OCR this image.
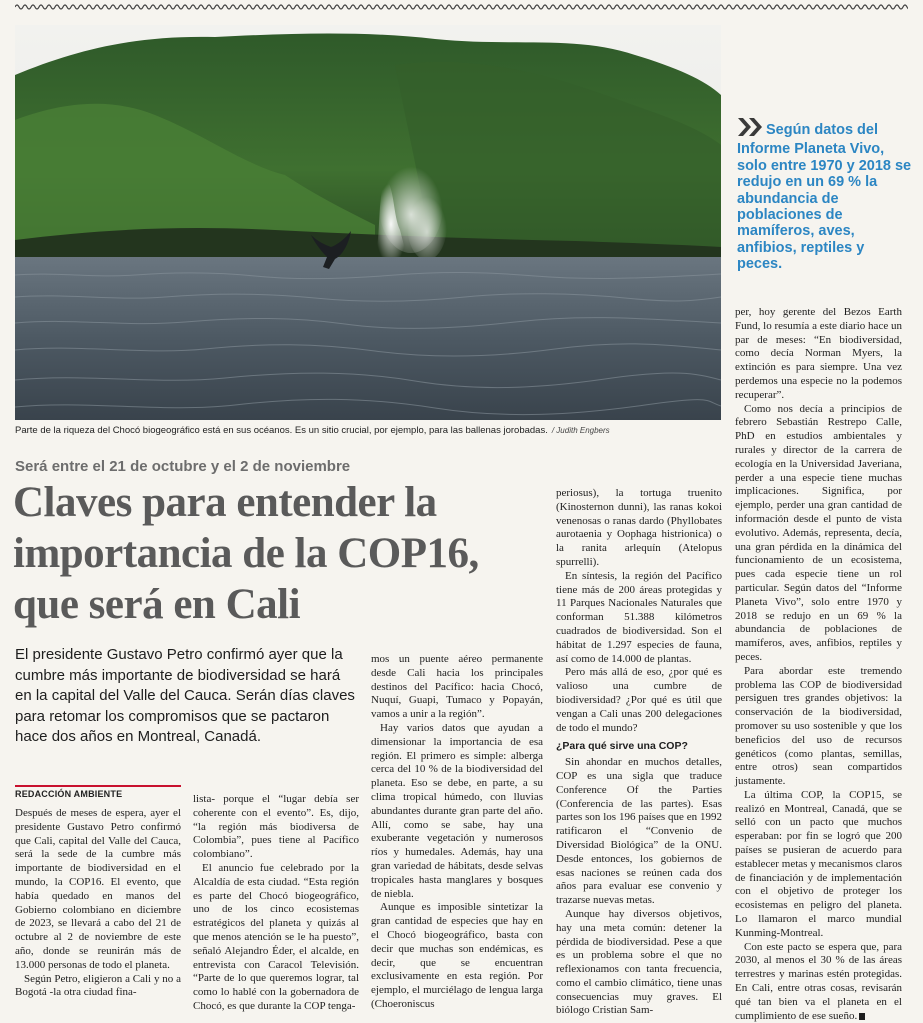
Parte de la riqueza del Chocó biogeográfico está en sus océanos. Es un sitio crucial, por ejemplo, para las ballenas jorobadas. / Judith Engbers
Según datos del Informe Planeta Vivo, solo entre 1970 y 2018 se redujo en un 69 % la abundancia de poblaciones de mamíferos, aves, anfibios, reptiles y peces.
Será entre el 21 de octubre y el 2 de noviembre
Claves para entender la importancia de la COP16, que será en Cali
El presidente Gustavo Petro confirmó ayer que la cumbre más importante de biodiversidad se hará en la capital del Valle del Cauca. Serán días claves para retomar los compromisos que se pactaron hace dos años en Montreal, Canadá.
REDACCIÓN AMBIENTE

Después de meses de espera, ayer el presidente Gustavo Petro confirmó que Cali, capital del Valle del Cauca, será la sede de la cumbre más importante de biodiversidad en el mundo, la COP16. El evento, que había quedado en manos del Gobierno colombiano en diciembre de 2023, se llevará a cabo del 21 de octubre al 2 de noviembre de este año, donde se reunirán más de 13.000 personas de todo el planeta.

Según Petro, eligieron a Cali y no a Bogotá -la otra ciudad fina-

lista- porque el “lugar debía ser coherente con el evento”. Es, dijo, “la región más biodiversa de Colombia”, pues tiene al Pacífico colombiano”.

El anuncio fue celebrado por la Alcaldía de esta ciudad. “Esta región es parte del Chocó biogeográfico, uno de los cinco ecosistemas estratégicos del planeta y quizás al que menos atención se le ha puesto”, señaló Alejandro Éder, el alcalde, en entrevista con Caracol Televisión. “Parte de lo que queremos lograr, tal como lo hablé con la gobernadora de Chocó, es que durante la COP tenga-

mos un puente aéreo permanente desde Cali hacia los principales destinos del Pacífico: hacia Chocó, Nuquí, Guapi, Tumaco y Popayán, vamos a unir a la región”.

Hay varios datos que ayudan a dimensionar la importancia de esa región. El primero es simple: alberga cerca del 10 % de la biodiversidad del planeta. Eso se debe, en parte, a su clima tropical húmedo, con lluvias abundantes durante gran parte del año. Allí, como se sabe, hay una exuberante vegetación y numerosos ríos y humedales. Además, hay una gran variedad de hábitats, desde selvas tropicales hasta manglares y bosques de niebla.

Aunque es imposible sintetizar la gran cantidad de especies que hay en el Chocó biogeográfico, basta con decir que muchas son endémicas, es decir, que se encuentran exclusivamente en esta región. Por ejemplo, el murciélago de lengua larga (Choeroniscus

periosus), la tortuga truenito (Kinosternon dunni), las ranas kokoi venenosas o ranas dardo (Phyllobates aurotaenia y Oophaga histrionica) o la ranita arlequín (Atelopus spurrelli).

En síntesis, la región del Pacífico tiene más de 200 áreas protegidas y 11 Parques Nacionales Naturales que conforman 51.388 kilómetros cuadrados de biodiversidad. Son el hábitat de 1.297 especies de fauna, así como de 14.000 de plantas.

Pero más allá de eso, ¿por qué es valioso una cumbre de biodiversidad? ¿Por qué es útil que vengan a Cali unas 200 delegaciones de todo el mundo?

¿Para qué sirve una COP?

Sin ahondar en muchos detalles, COP es una sigla que traduce Conference Of the Parties (Conferencia de las partes). Esas partes son los 196 países que en 1992 ratificaron el “Convenio de Diversidad Biológica” de la ONU. Desde entonces, los gobiernos de esas naciones se reúnen cada dos años para evaluar ese convenio y trazarse nuevas metas.

Aunque hay diversos objetivos, hay una meta común: detener la pérdida de biodiversidad. Pese a que es un problema sobre el que no reflexionamos con tanta frecuencia, como el cambio climático, tiene unas consecuencias muy graves. El biólogo Cristian Sam-

per, hoy gerente del Bezos Earth Fund, lo resumía a este diario hace un par de meses: “En biodiversidad, como decía Norman Myers, la extinción es para siempre. Una vez perdemos una especie no la podemos recuperar”.

Como nos decía a principios de febrero Sebastián Restrepo Calle, PhD en estudios ambientales y rurales y director de la carrera de ecología en la Universidad Javeriana, perder a una especie tiene muchas implicaciones. Significa, por ejemplo, perder una gran cantidad de información desde el punto de vista evolutivo. Además, representa, decía, una gran pérdida en la dinámica del funcionamiento de un ecosistema, pues cada especie tiene un rol particular. Según datos del “Informe Planeta Vivo”, solo entre 1970 y 2018 se redujo en un 69 % la abundancia de poblaciones de mamíferos, aves, anfibios, reptiles y peces.

Para abordar este tremendo problema las COP de biodiversidad persiguen tres grandes objetivos: la conservación de la biodiversidad, promover su uso sostenible y que los beneficios del uso de recursos genéticos (como plantas, semillas, entre otros) sean compartidos justamente.

La última COP, la COP15, se realizó en Montreal, Canadá, que se selló con un pacto que muchos esperaban: por fin se logró que 200 países se pusieran de acuerdo para establecer metas y mecanismos claros de financiación y de implementación con el objetivo de proteger los ecosistemas en peligro del planeta. Lo llamaron el marco mundial Kunming-Montreal.

Con este pacto se espera que, para 2030, al menos el 30 % de las áreas terrestres y marinas estén protegidas. En Cali, entre otras cosas, revisarán qué tan bien va el planeta en el cumplimiento de ese sueño.
